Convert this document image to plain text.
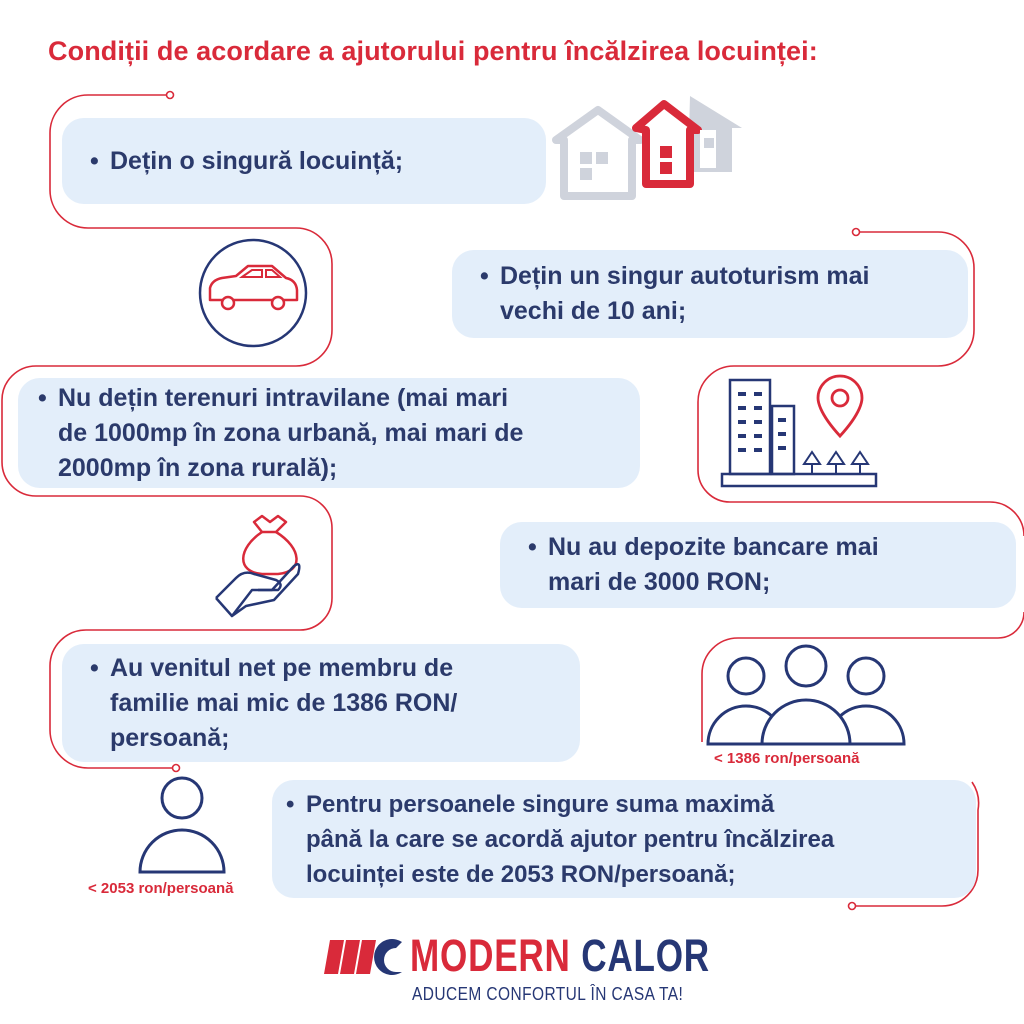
Condiții de acordare a ajutorului pentru încălzirea locuinței:
• Dețin o singură locuință;
• Dețin un singur autoturism mai
vechi de 10 ani;
• Nu dețin terenuri intravilane (mai mari
de 1000mp în zona urbană, mai mari de
2000mp în zona rurală);
• Nu au depozite bancare mai
mari de 3000 RON;
• Au venitul net pe membru de
familie mai mic de 1386 RON/
persoană;
• Pentru persoanele singure suma maximă
până la care se acordă ajutor pentru încălzirea
locuinței este de 2053 RON/persoană;
< 1386 ron/persoană
< 2053 ron/persoană
MODERN CALOR
ADUCEM CONFORTUL ÎN CASA TA!
